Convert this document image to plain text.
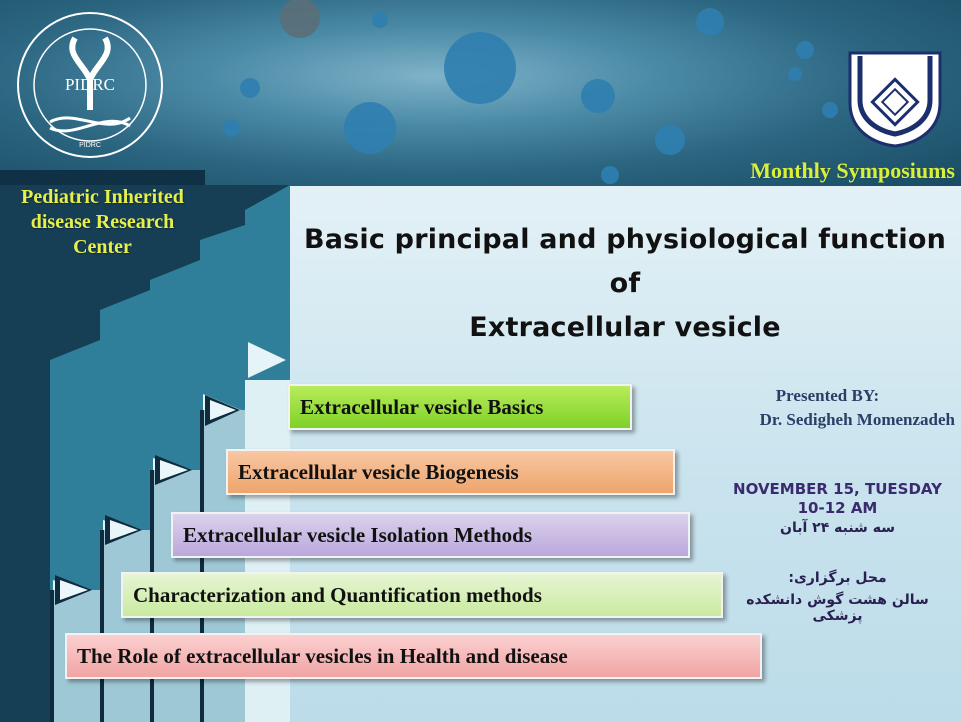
PIDRC
PIDRC
Monthly Symposiums
Pediatric Inherited
disease Research
Center	Basic principal and physiological function of
Extracellular vesicle
Extracellular vesicle Basics
Extracellular vesicle Biogenesis
Extracellular vesicle Isolation Methods
Characterization and Quantification methods
The Role of extracellular vesicles in Health and disease
Presented BY:
Dr. Sedigheh Momenzadeh
NOVEMBER 15, TUESDAY
10-12 AM
سه شنبه ۲۴ آبان
محل برگزاری:
سالن هشت گوش دانشکده پزشکی
